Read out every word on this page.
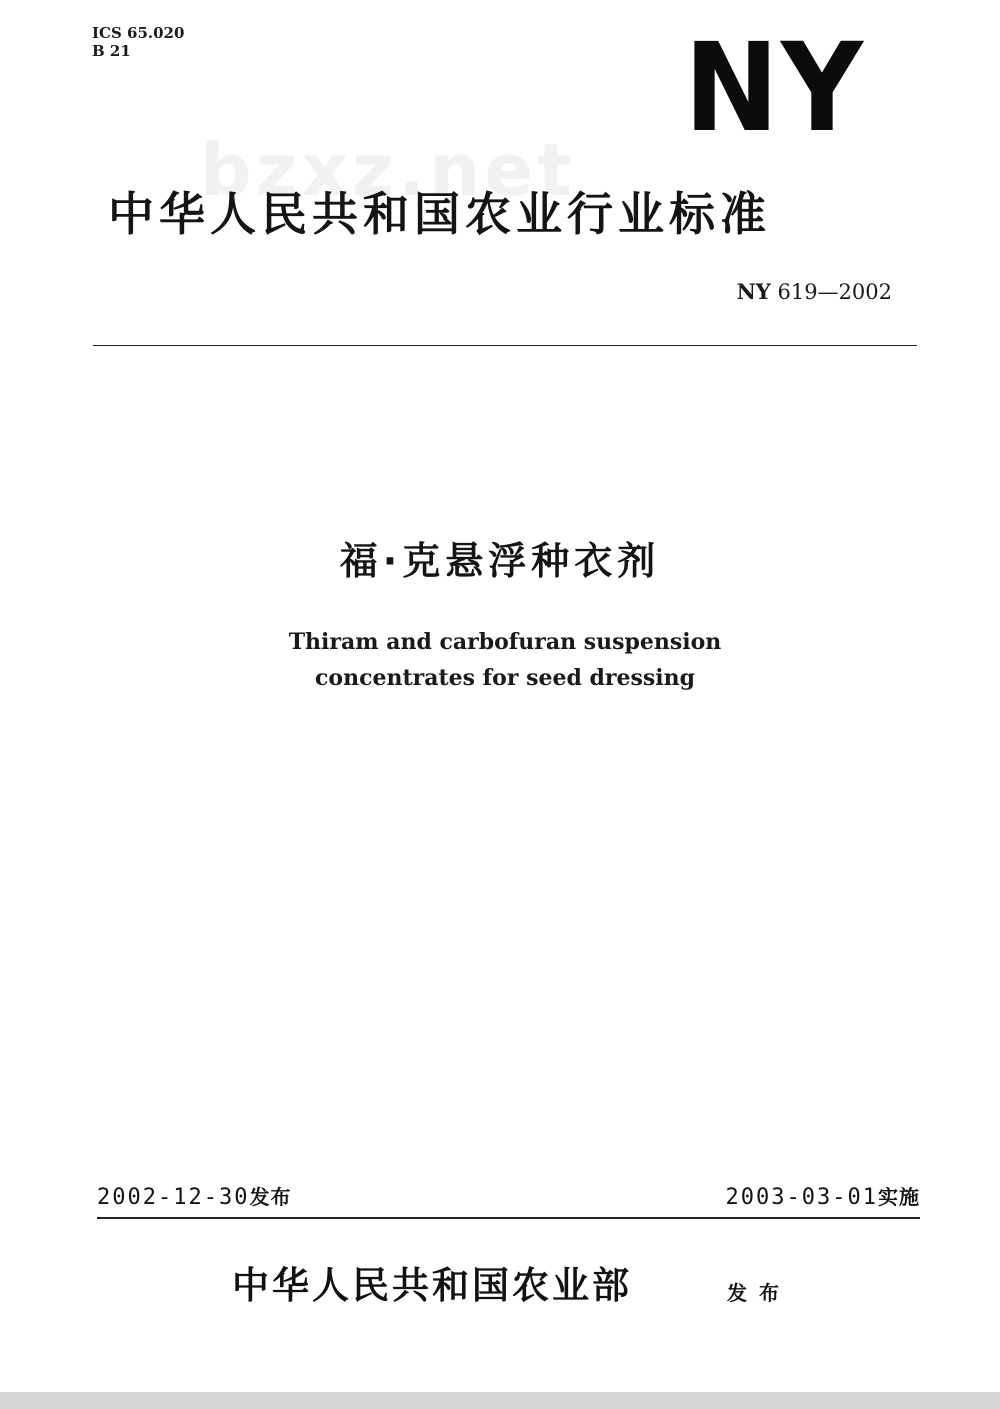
ICS 65.020
B 21	NY
bzxz.net
中华人民共和国农业行业标准
NY 619—2002
福·克悬浮种衣剂
Thiram and carbofuran suspension
concentrates for seed dressing
2002-12-30发布	2003-03-01实施
中华人民共和国农业部	发布
